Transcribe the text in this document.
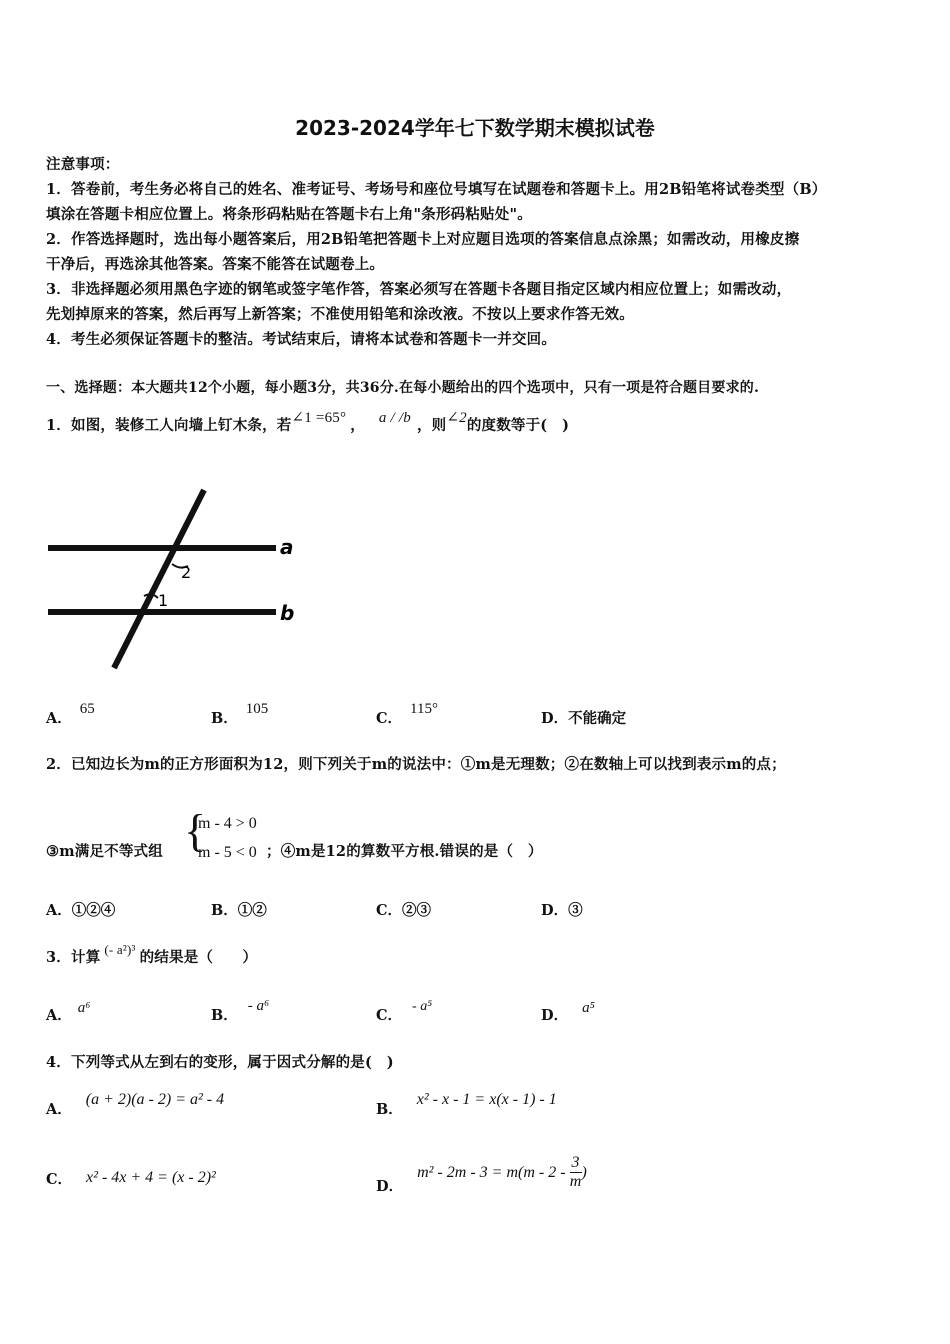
2023-2024学年七下数学期末模拟试卷
注意事项：
1．答卷前，考生务必将自己的姓名、准考证号、考场号和座位号填写在试题卷和答题卡上。用2B铅笔将试卷类型（B）
填涂在答题卡相应位置上。将条形码粘贴在答题卡右上角"条形码粘贴处"。
2．作答选择题时，选出每小题答案后，用2B铅笔把答题卡上对应题目选项的答案信息点涂黑；如需改动，用橡皮擦
干净后，再选涂其他答案。答案不能答在试题卷上。
3．非选择题必须用黑色字迹的钢笔或签字笔作答，答案必须写在答题卡各题目指定区域内相应位置上；如需改动，
先划掉原来的答案，然后再写上新答案；不准使用铅笔和涂改液。不按以上要求作答无效。
4．考生必须保证答题卡的整洁。考试结束后，请将本试卷和答题卡一并交回。
一、选择题：本大题共12个小题，每小题3分，共36分.在每小题给出的四个选项中，只有一项是符合题目要求的.
1．如图，装修工人向墙上钉木条，若∠1 =65° ， a / /b ，则∠2的度数等于(　)
a
b
2
1
A．65
B．105
C．115°
D．不能确定
2．已知边长为m的正方形面积为12，则下列关于m的说法中：①m是无理数；②在数轴上可以找到表示m的点；
③m满足不等式组 {
m - 4 > 0
m - 5 < 0 ；④m是12的算数平方根.错误的是（　）
A．①②④	B．①②	C．②③	D．③
3．计算 (- a²)³ 的结果是（　　）
A． a⁶	B．- a⁶
C．- a⁵
D． a⁵
4．下列等式从左到右的变形，属于因式分解的是(　)
A．(a + 2)(a - 2) = a² - 4
B．x² - x - 1 = x(x - 1) - 1
C． x² - 4x + 4 = (x - 2)²	D．$m^2 - 2m - 3 = m(m - 2 - \frac{3}{m}$ )
